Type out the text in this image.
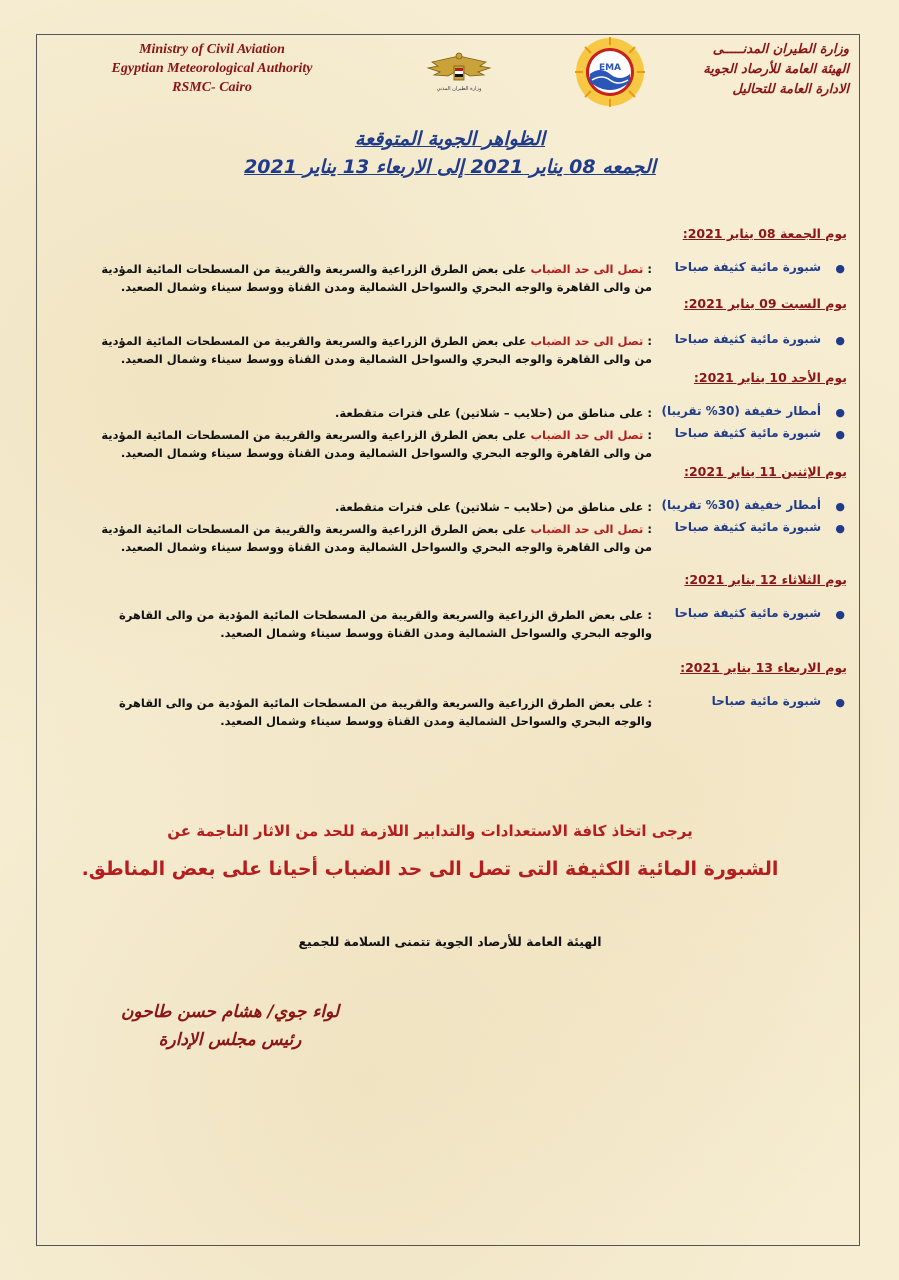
Ministry of Civil Aviation
Egyptian Meteorological Authority
RSMC- Cairo
وزارة الطيران المدنـــــى
الهيئة العامة للأرصاد الجوية
الادارة العامة للتحاليل
وزارة الطيران المدني
EMA
الظواهر الجوية المتوقعة
الجمعه 08 يناير 2021 إلى الاربعاء 13 يناير 2021
يوم الجمعة 08 يناير 2021:
●
شبورة مائية كثيفة صباحا
: تصل الى حد الضباب على بعض الطرق الزراعية والسريعة والقريبة من المسطحات المائية المؤدية من والى القاهرة والوجه البحري والسواحل الشمالية ومدن القناة ووسط سيناء وشمال الصعيد.
يوم السبت 09 يناير 2021:
●
شبورة مائية كثيفة صباحا
: تصل الى حد الضباب على بعض الطرق الزراعية والسريعة والقريبة من المسطحات المائية المؤدية من والى القاهرة والوجه البحري والسواحل الشمالية ومدن القناة ووسط سيناء وشمال الصعيد.
يوم الأحد 10 يناير 2021:
●
أمطار خفيفة (30% تقريبا)
: على مناطق من (حلايب – شلاتين) على فترات متقطعة.
●
شبورة مائية كثيفة صباحا
: تصل الى حد الضباب على بعض الطرق الزراعية والسريعة والقريبة من المسطحات المائية المؤدية من والى القاهرة والوجه البحري والسواحل الشمالية ومدن القناة ووسط سيناء وشمال الصعيد.
يوم الإثنين 11 يناير 2021:
●
أمطار خفيفة (30% تقريبا)
: على مناطق من (حلايب – شلاتين) على فترات متقطعة.
●
شبورة مائية كثيفة صباحا
: تصل الى حد الضباب على بعض الطرق الزراعية والسريعة والقريبة من المسطحات المائية المؤدية من والى القاهرة والوجه البحري والسواحل الشمالية ومدن القناة ووسط سيناء وشمال الصعيد.
يوم الثلاثاء 12 يناير 2021:
●
شبورة مائية كثيفة صباحا
: على بعض الطرق الزراعية والسريعة والقريبة من المسطحات المائية المؤدية من والى القاهرة والوجه البحري والسواحل الشمالية ومدن القناة ووسط سيناء وشمال الصعيد.
يوم الاربعاء 13 يناير 2021:
●
شبورة مائية صباحا
: على بعض الطرق الزراعية والسريعة والقريبة من المسطحات المائية المؤدية من والى القاهرة والوجه البحري والسواحل الشمالية ومدن القناة ووسط سيناء وشمال الصعيد.
يرجى اتخاذ كافة الاستعدادات والتدابير اللازمة للحد من الاثار الناجمة عن
الشبورة المائية الكثيفة التى تصل الى حد الضباب أحيانا على بعض المناطق.
الهيئة العامة للأرصاد الجوية تتمنى السلامة للجميع
لواء جوي/ هشام حسن طاحون
رئيس مجلس الإدارة
